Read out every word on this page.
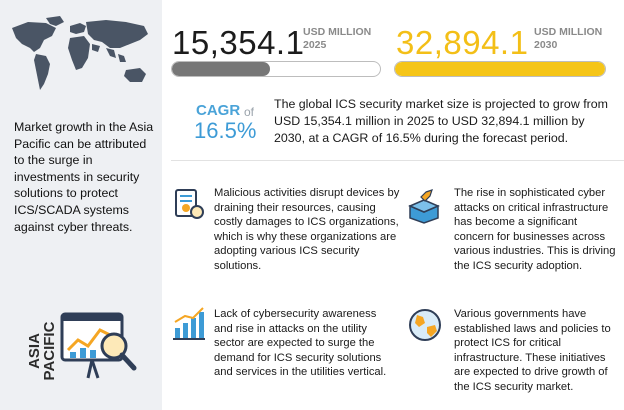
Market growth in the Asia Pacific can be attributed to the surge in investments in security solutions to protect ICS/SCADA systems against cyber threats.
ASIA PACIFIC
15,354.1
USD MILLION
2025	32,894.1 USD MILLION
2030
CAGR of
16.5%
The global ICS security market size is projected to grow from USD 15,354.1 million in 2025 to USD 32,894.1 million by 2030, at a CAGR of 16.5% during the forecast period.
Malicious activities disrupt devices by draining their resources, causing costly damages to ICS organizations, which is why these organizations are adopting various ICS security solutions.
The rise in sophisticated cyber attacks on critical infrastructure has become a significant concern for businesses across various industries. This is driving the ICS security adoption.
Lack of cybersecurity awareness and rise in attacks on the utility sector are expected to surge the demand for ICS security solutions and services in the utilities vertical.
Various governments have established laws and policies to protect ICS for critical infrastructure. These initiatives are expected to drive growth of the ICS security market.
